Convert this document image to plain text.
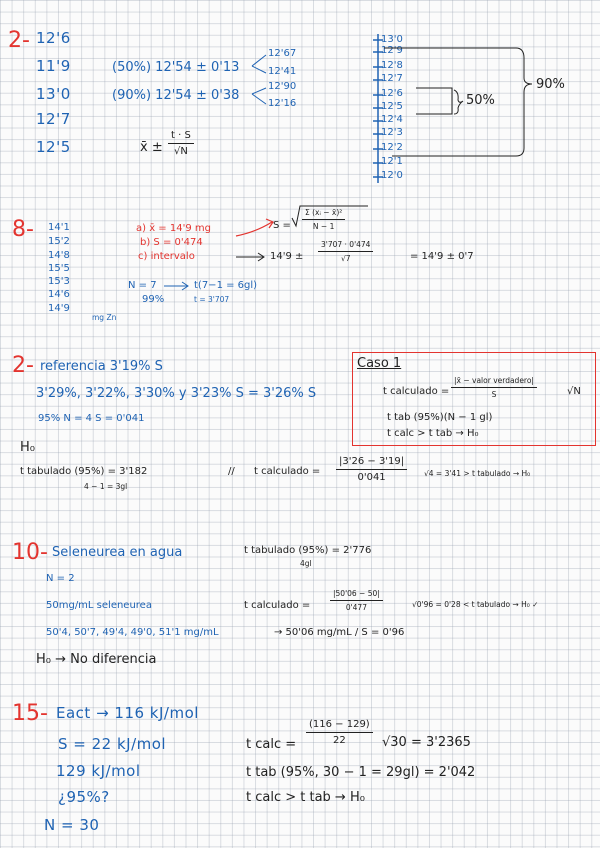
2- 12'6
11'9
13'0
12'7
12'5
(50%) 12'54 ± 0'13
12'67
12'41
(90%) 12'54 ± 0'38
12'90
12'16
x̄ ± $\frac{t \cdot S}{√N}$
13'0
12'9
12'8
12'7
12'6
12'5
12'4
12'3
12'2
12'1
12'0
50%
90%
8- 14'1
15'2
14'8
15'5
15'3
14'6
14'9
mg Zn
a) x̄ = 14'9 mg
b) S = 0'474
c) intervalo
$S = \frac{\text{Σ (xᵢ − x̄)²}}{N - 1}$
$14'9 \pm \frac{3'707 \cdot 0'474}{√7}$	= 14'9 ± 0'7
N = 7	t(7−1 = 6gl)
99%	t = 3'707
2- referencia 3'19% S
3'29%, 3'22%, 3'30% y 3'23% S = 3'26% S
95% N = 4 S = 0'041
H₀
t tabulado (95%) = 3'182
4 − 1 = 3gl
// t calculado = $\frac{|3'26 - 3'19|}{0'041} √4 = 3'41 > t$ tabulado → H₀
Caso 1
t calculado =
|x̄ − valor verdadero|
S	√N
t tab (95%)(N − 1 gl)
t calc > t tab → H₀
10- Seleneurea en agua
N = 2
50mg/mL seleneurea
50'4, 50'7, 49'4, 49'0, 51'1 mg/mL	→ 50'06 mg/mL / S = 0'96
H₀ → No diferencia
t tabulado (95%) = 2'776
4gl
t calculado =	$\frac{|50'06 - 50|}{0'477}$	√0'96 = 0'28 < t tabulado → H₀ ✓
15- Eact → 116 kJ/mol
S = 22 kJ/mol
129 kJ/mol
¿95%?
N = 30
t calc = $\frac{(116 - 129)}{22} √30 = 3'2365$
t tab (95%, 30 − 1 = 29gl) = 2'042
t calc > t tab → H₀
